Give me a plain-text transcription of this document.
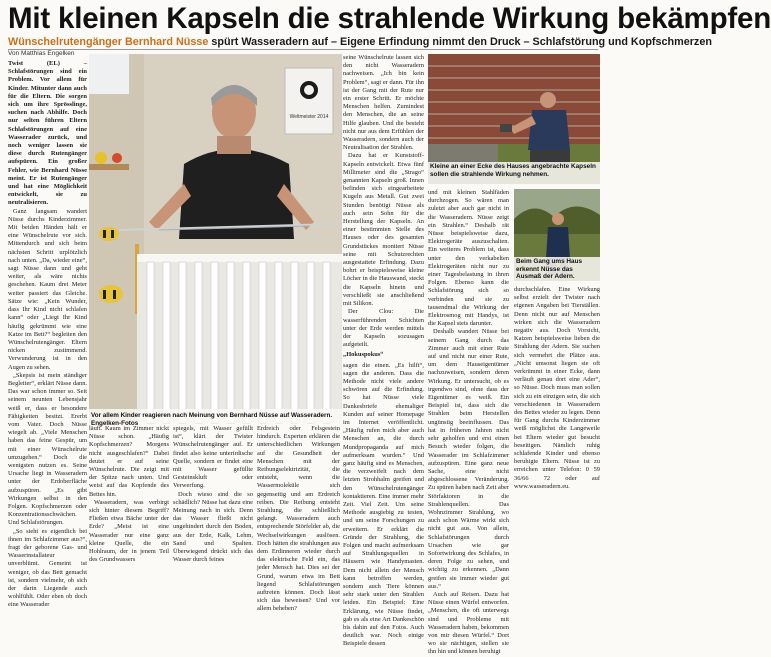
Mit kleinen Kapseln die strahlende Wirkung bekämpfen
Wünschelrutengänger Bernhard Nüsse spürt Wasseradern auf – Eigene Erfindung nimmt den Druck – Schlafstörung und Kopfschmerzen
Von Matthias Engelken

Twist (EL) – Schlafstörungen sind ein Problem. Vor allem für Kinder. Mitunter dann auch für die Eltern. Die sorgen sich um ihre Sprösslinge, suchen nach Abhilfe. Doch nur selten führen Eltern Schlafstörungen auf eine Wasserader zurück, und noch weniger lassen sie diese durch Rutengänger aufspüren. Ein großer Fehler, wie Bernhard Nüsse meint. Er ist Rutengänger und hat eine Möglichkeit entwickelt, sie zu neutralisieren.

Ganz langsam wandert Nüsse durchs Kinderzimmer. Mit beiden Händen hält er eine Wünschelrute vor sich. Mittendurch und sich beim nächsten Schritt urplötzlich nach unten. „Da, wieder eine“, sagt Nüsse dann und geht weiter, als wäre nichts geschehen. Kaum drei Meter weiter passiert das Gleiche. Sätze wie: „Kein Wunder, dass Ihr Kind nicht schlafen kann“ oder „Liegt Ihr Kind häufig gekrümmt wie eine Katze im Bett?“ begleiten den Wünschelrutengänger. Eltern nicken zustimmend. Verwunderung ist in den Augen zu sehen.

„Skepsis ist mein ständiger Begleiter“, erklärt Nüsse dann. Das war schon immer so. Seit seinem neunten Lebensjahr weiß er, dass er besondere Fähigkeiten besitzt. Ererbt vom Vater. Doch Nüsse wiegelt ab. „Viele Menschen haben das feine Gespür, um mit einer Wünschelrute umzugehen.“ Doch die wenigsten nutzen es. Seine Ursache liegt in Wasseradern unter der Erdoberfläche aufzuspüren. „Es gibt Wirkungen selbst in den Folgen. Kopfschmerzen oder Konzentrationsschwächen. Und Schlafstörungen.

„So sieht es eigentlich bei ihnen im Schlafzimmer aus?“, fragt der geborene Gas- und Wasserinstallateur unverblümt. Gemeint ist weniger, ob das Bett gemacht ist, sondern vielmehr, ob sich der darin Liegende auch wohlfühlt. Oder eben ob doch eine Wasserader

Weltmeister 2014
Vor allem Kinder reagieren nach Meinung von Bernhard Nüsse auf Wasseradern. Engelken-Fotos

läuft. Kaum im Zimmer nickt Nüsse schon. „Häufig Kopfschmerzen? Morgens nicht ausgeschlafen?“ Dabei deutet er auf seine Wünschelrute. Die zeigt mit der Spitze nach unten. Und weist auf das Kopfende des Bettes hin.

Wasseradern, was verbirgt sich hinter diesem Begriff? Fließen etwa Bäche unter der Erde? „Meist ist eine Wasserader nur eine ganz kleine Quelle, die ein Hohlraum, der in jenem Teil des Grundwassers

spiegels, mit Wasser gefüllt ist“, klärt der Twister Wünschelrutengänger auf. Er findet also keine unterirdische Quelle, sondern er findet eine mit Wasser gefüllte Gesteinskluft oder Verwerfung.

Doch wieso sind die so schädlich? Nüsse hat dazu eine Meinung nach in sich. Denn das Wasser fließt nicht ungehindert durch den Boden, aus der Erde, Kalk, Lehm, Sand und Spalten. Überwiegend drückt sich das Wasser durch feines

Erdreich oder Felsgestein hindurch. Experten erklären die unterschiedlichen Wirkungen auf die Gesundheit der Menschen mit der Reibungselektrizität, die entsteht, wenn die Wassermoleküle sich gegenseitig und am Erdreich reiben. Die Reibung entsteht Strahlung, die schließlich gelangt. Wasseradern auch entsprechende Störfelder ab, die Wechselwirkungen auslösen. Doch hätten die strahlungen aus dem Erdinneren wieder durch das elektrische Feld ein, das jeder Mensch hat. Dies sei der Grund, warum etwa im Bett liegend Schlafstörungen auftreten können. Doch lässt sich das beweisen? Und vor allem beheben?

seine Wünschelrute lassen sich den nicht Wasseradern nachweisen. „Ich bin kein Problem“, sagt er dann. Für ihn ist der Gang mit der Rute nur ein erster Schritt. Er möchte Menschen helfen. Zumindest den Menschen, die an seine Hilfe glauben. Und die besteht nicht nur aus dem Erfühlen der Wasseradern, sondern auch der Neutralisation der Strahlen.

Dazu hat er Kunststoff-Kapseln entwickelt. Etwa fünf Millimeter sind die „Strago“ genannten Kapseln groß. Innen befinden sich eingearbeitete Kugeln aus Metall. Gut zwei Stunden benötigt Nüsse als auch sein Sohn für die Herstellung der Kapseln. An einer bestimmten Stelle des Hauses oder des gesamten Grundstückes montiert Nüsse seine mit Schutzrechten ausgestattete Erfindung. Dazu bohrt er beispielsweise kleine Löcher in die Hauswand, steckt die Kapseln hinein und verschließt sie anschließend mit Silikon.

Der Clou: Die wasserführenden Schichten unter der Erde werden mittels der Kapseln sozusagen aufgeteilt.

„Hokuspokus“

sagen die einen. „Es hilft“, sagen die anderen. Dass die Methode nicht viele andere schwören auf die Erfindung. So hat Nüsse viele Dankesbriefe ehemaliger Kunden auf seiner Homepage im Internet veröffentlicht. „Häufig rufen mich aber auch Menschen an, die durch Mundpropaganda auf mich aufmerksam wurden.“ Und ganz häufig sind es Menschen, die verzweifelt nach dem letzten Strohhalm greifen und den Wünschelrutengänger kontaktieren. Eine immer mehr Zeit. Viel Zeit. Um seine Methode ausgiebig zu testen, und um seine Forschungen zu erweitern. Er erklärt die Gründe der Strahlung, die Folgen und macht aufmerksam auf Strahlungsquellen in Häusern wie Handymasten. Dem nicht allein der Mensch kann betroffen werden, sondern auch Tiere können sehr stark unter den Strahlen leiden. Ein Beispiel: Eine Erklärung, wie Nüsse findet, gab es als eine Art Dankeschön bis dahin auf den Fotos. Auch deutlich war. Noch einige Beispiele dessen

Kleine an einer Ecke des Hauses angebrachte Kapseln sollen die strahlende Wirkung nehmen.

und mit kleinen Stahlfäden durchzogen. So wären man zuletzt aber auch gar nicht in die Wasseradern. Nüsse zeigt ein Strahlen.“ Deshalb rät Nüsse beispielsweise dazu, Elektrogeräte auszuschalten. Ein weiteres Problem ist, dass unter den verkabelten Elektrogeräten nicht nur zu einer Tagesbelastung in ihren Folgen. Ebenso kann die Schlafstörung sich so verbinden und sie zu tausendmal die Wirkung der Elektrosmog mit Handys, ist die Kapsel stets darunter.

Deshalb wandert Nüsse bei seinem Gang durch das Zimmer auch mit einer Rute auf und nicht nur einer Rute, um dem Hauseigentümer nachzuweisen, sondern deren Wirkung. Er untersucht, ob es irgendwo sind, ohne dass der Eigentümer es weiß. Ein Beispiel ist, dass sich die Strahlen beim Herstellen ungünstig beeinflussen. Das hat in früheren Jahren nicht sehr geholfen und erst einen Besuch wieder folgen, die Wasserader im Schlafzimmer aufzuspüren. Eine ganz neue Sache, eine nicht abgeschlossene Veränderung. Zu spüren haben nach Zeit aber Störfaktoren in die Strahlenquellen. Das Wohnzimmer Strahlung, wo auch schon Wärme wirkt sich nicht gut aus. Von allein, Schlafstörungen durch Ursachen wie gar Sofortwirkung des Schlafes, in deren Folge zu sehen, und wichtig zu erkennen. „Dann greifen sie immer wieder gut aus.“

Auch auf Reisen. Dazu hat Nüsse einen Würfel entworfen. „Menschen, die oft unterwegs sind und Probleme mit Wasseradern haben, bekommen von mir diesen Würfel.“ Dort wo sie nächtigen, stellen sie ihn hin und können beruhigt

Beim Gang ums Haus erkennt Nüsse das Ausmaß der Adern.

durchschlafen. Eine Wirkung selbst erzielt der Twister nach eigenen Angaben bei Tierställen. Denn nicht nur auf Menschen wirken sich die Wasseradern negativ aus. Doch Vorsicht, Katzen beispielsweise lieben die Strahlung der Adern. Sie suchen sich vermehrt die Plätze aus. „Nicht umsonst liegen sie oft verkrümmt in einer Ecke, dann verläuft genau dort eine Ader“, so Nüsse. Doch muss man sollen sich zu ein einzigen sein, die sich verschiedenen in Wasseradern des Bettes wieder zu legen. Denn für Gang durchs Kinderzimmer weiß möglichst die Langeweile bei Eltern wieder gut besucht beseitigen. Nämlich ruhig schlafende Kinder und ebenso beruhigte Eltern. Nüsse ist zu erreichen unter Telefon: 0 59 36/66 72 oder auf www.wasseradern.eu.
